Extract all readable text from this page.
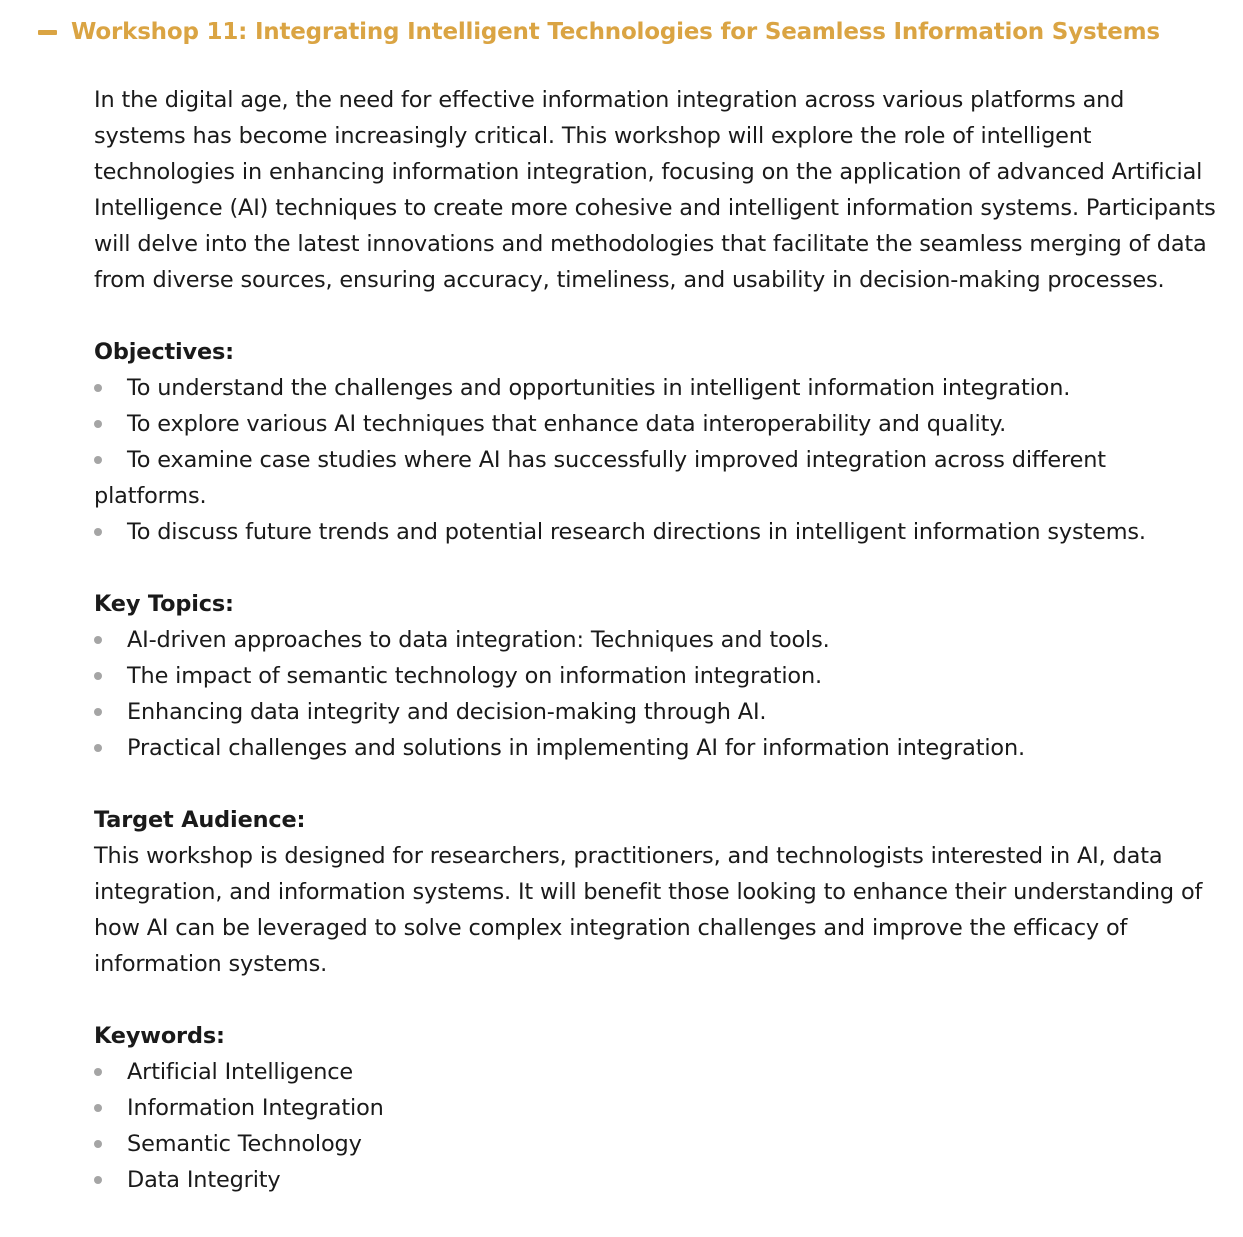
Workshop 11: Integrating Intelligent Technologies for Seamless Information Systems

In the digital age, the need for effective information integration across various platforms and systems has become increasingly critical. This workshop will explore the role of intelligent technologies in enhancing information integration, focusing on the application of advanced Artificial Intelligence (AI) techniques to create more cohesive and intelligent information systems. Participants will delve into the latest innovations and methodologies that facilitate the seamless merging of data from diverse sources, ensuring accuracy, timeliness, and usability in decision-making processes.

Objectives:

To understand the challenges and opportunities in intelligent information integration.
To explore various AI techniques that enhance data interoperability and quality.
To examine case studies where AI has successfully improved integration across different platforms.
To discuss future trends and potential research directions in intelligent information systems.

Key Topics:

AI-driven approaches to data integration: Techniques and tools.
The impact of semantic technology on information integration.
Enhancing data integrity and decision-making through AI.
Practical challenges and solutions in implementing AI for information integration.

Target Audience:

This workshop is designed for researchers, practitioners, and technologists interested in AI, data integration, and information systems. It will benefit those looking to enhance their understanding of how AI can be leveraged to solve complex integration challenges and improve the efficacy of information systems.

Keywords:

Artificial Intelligence
Information Integration
Semantic Technology
Data Integrity
